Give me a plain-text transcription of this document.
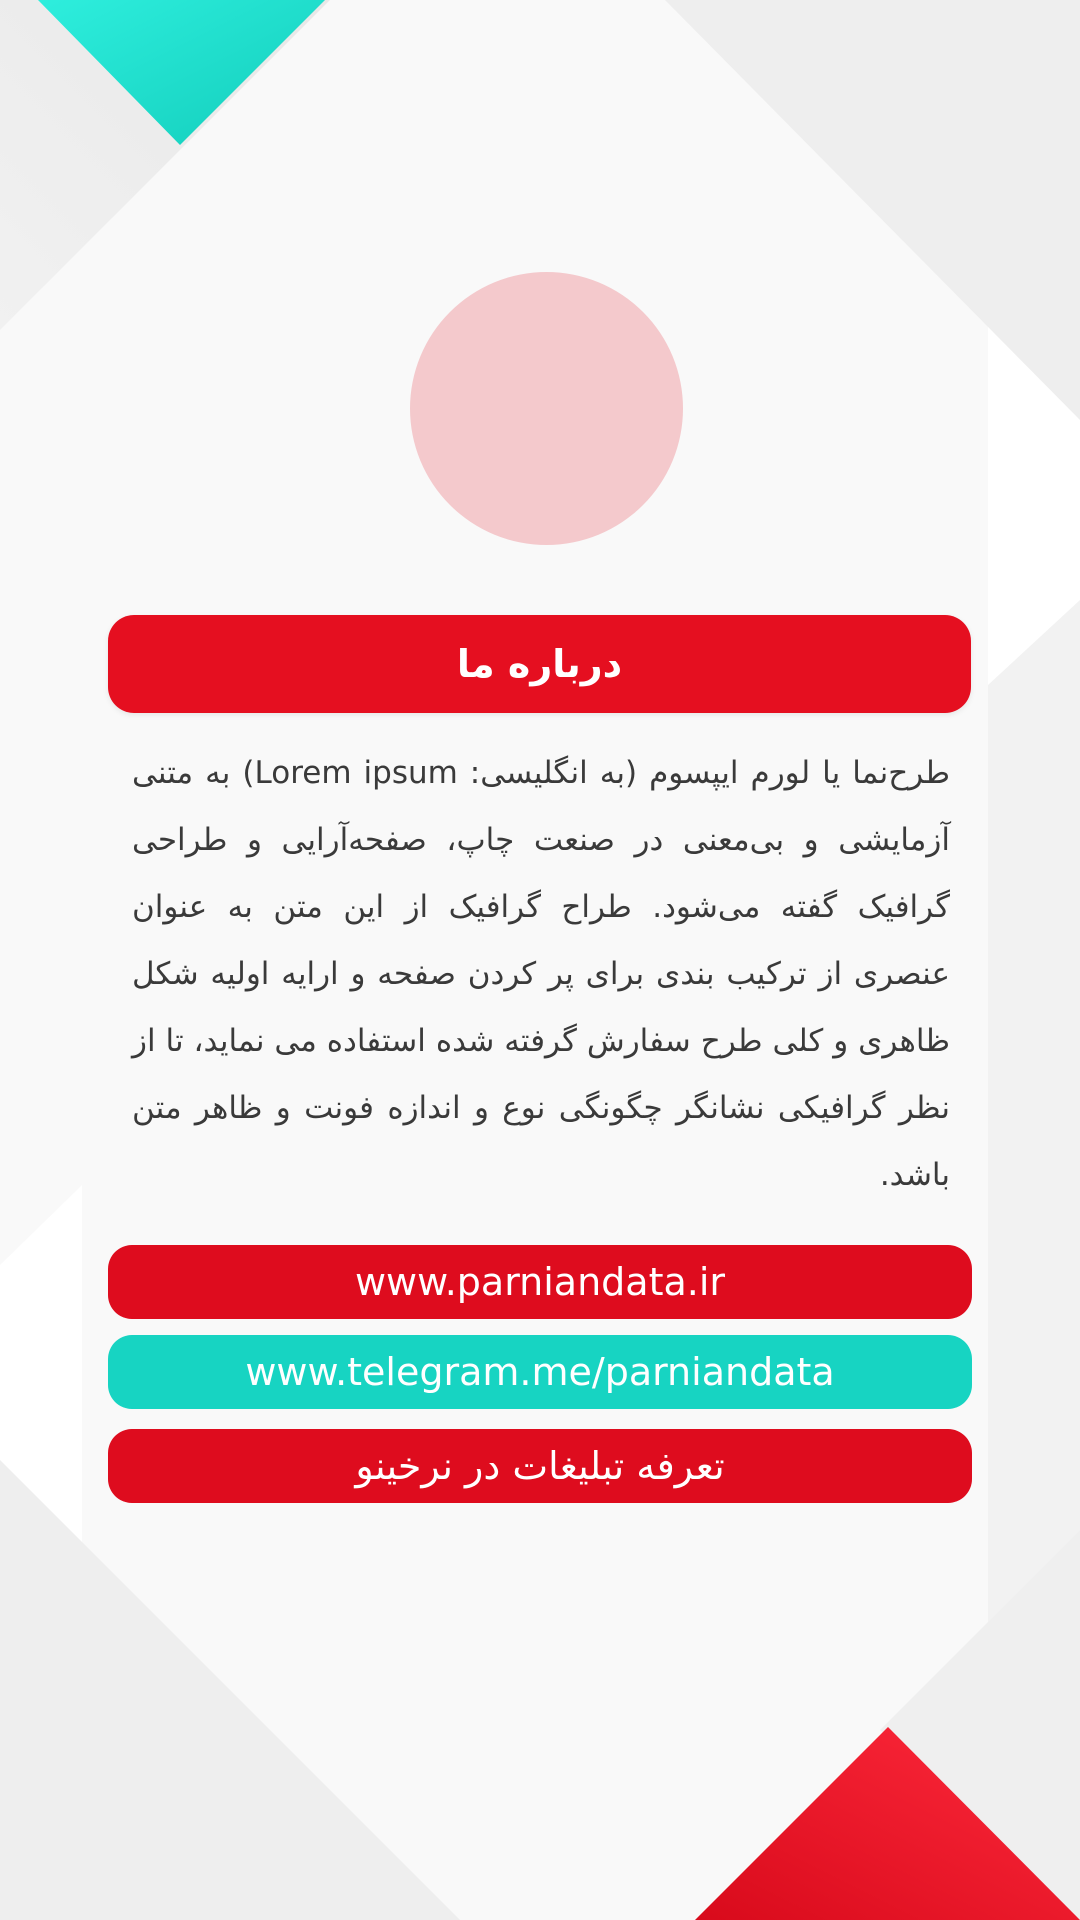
درباره ما

طرح‌نما یا لورم ایپسوم (به انگلیسی: Lorem ipsum) به متنی آزمایشی و بی‌معنی در صنعت چاپ، صفحه‌آرایی و طراحی گرافیک گفته می‌شود. طراح گرافیک از این متن به عنوان عنصری از ترکیب بندی برای پر کردن صفحه و ارایه اولیه شکل ظاهری و کلی طرح سفارش گرفته شده استفاده می نماید، تا از نظر گرافیکی نشانگر چگونگی نوع و اندازه فونت و ظاهر متن باشد.

www.parniandata.ir
www.telegram.me/parniandata
تعرفه تبلیغات در نرخینو
